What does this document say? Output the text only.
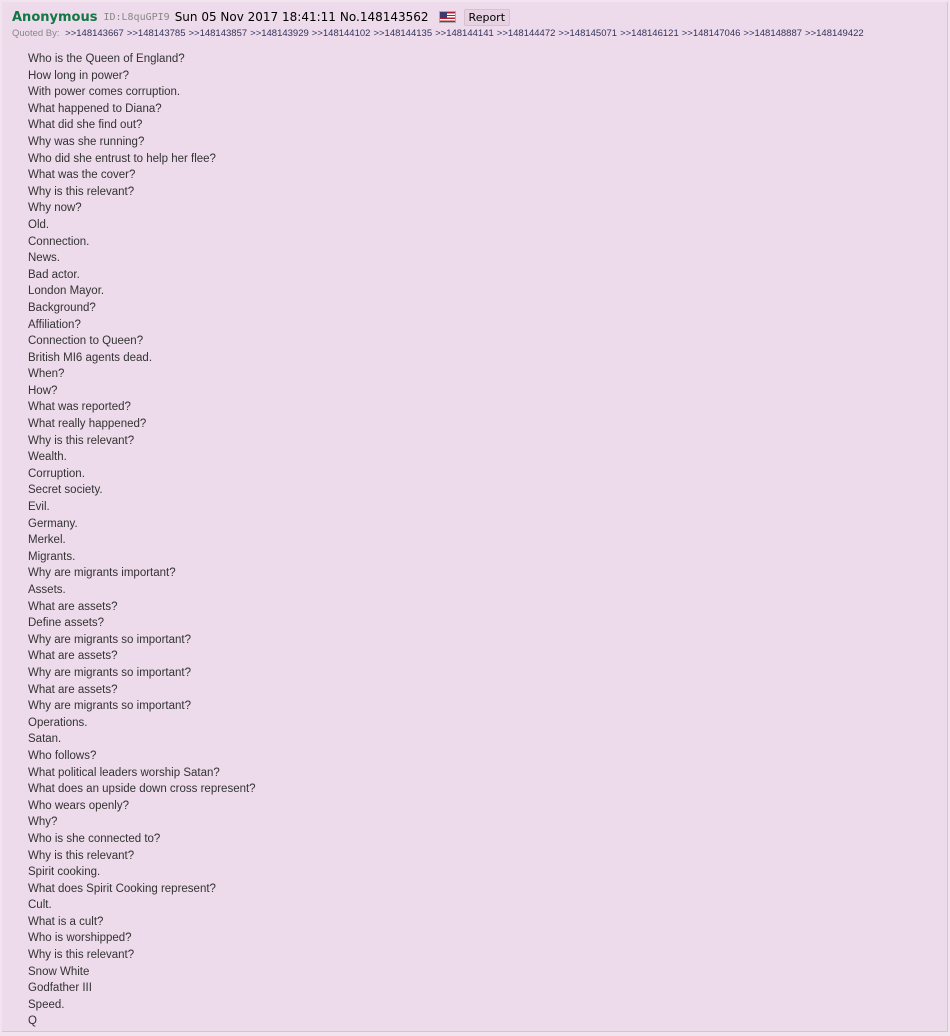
Anonymous ID:L8quGPI9 Sun 05 Nov 2017 18:41:11 No.148143562	Report
Quoted By: >>148143667 >>148143785 >>148143857 >>148143929 >>148144102 >>148144135 >>148144141 >>148144472 >>148145071 >>148146121 >>148147046 >>148148887 >>148149422
Who is the Queen of England?
How long in power?
With power comes corruption.
What happened to Diana?
What did she find out?
Why was she running?
Who did she entrust to help her flee?
What was the cover?
Why is this relevant?
Why now?
Old.
Connection.
News.
Bad actor.
London Mayor.
Background?
Affiliation?
Connection to Queen?
British MI6 agents dead.
When?
How?
What was reported?
What really happened?
Why is this relevant?
Wealth.
Corruption.
Secret society.
Evil.
Germany.
Merkel.
Migrants.
Why are migrants important?
Assets.
What are assets?
Define assets?
Why are migrants so important?
What are assets?
Why are migrants so important?
What are assets?
Why are migrants so important?
Operations.
Satan.
Who follows?
What political leaders worship Satan?
What does an upside down cross represent?
Who wears openly?
Why?
Who is she connected to?
Why is this relevant?
Spirit cooking.
What does Spirit Cooking represent?
Cult.
What is a cult?
Who is worshipped?
Why is this relevant?
Snow White
Godfather III
Speed.
Q
